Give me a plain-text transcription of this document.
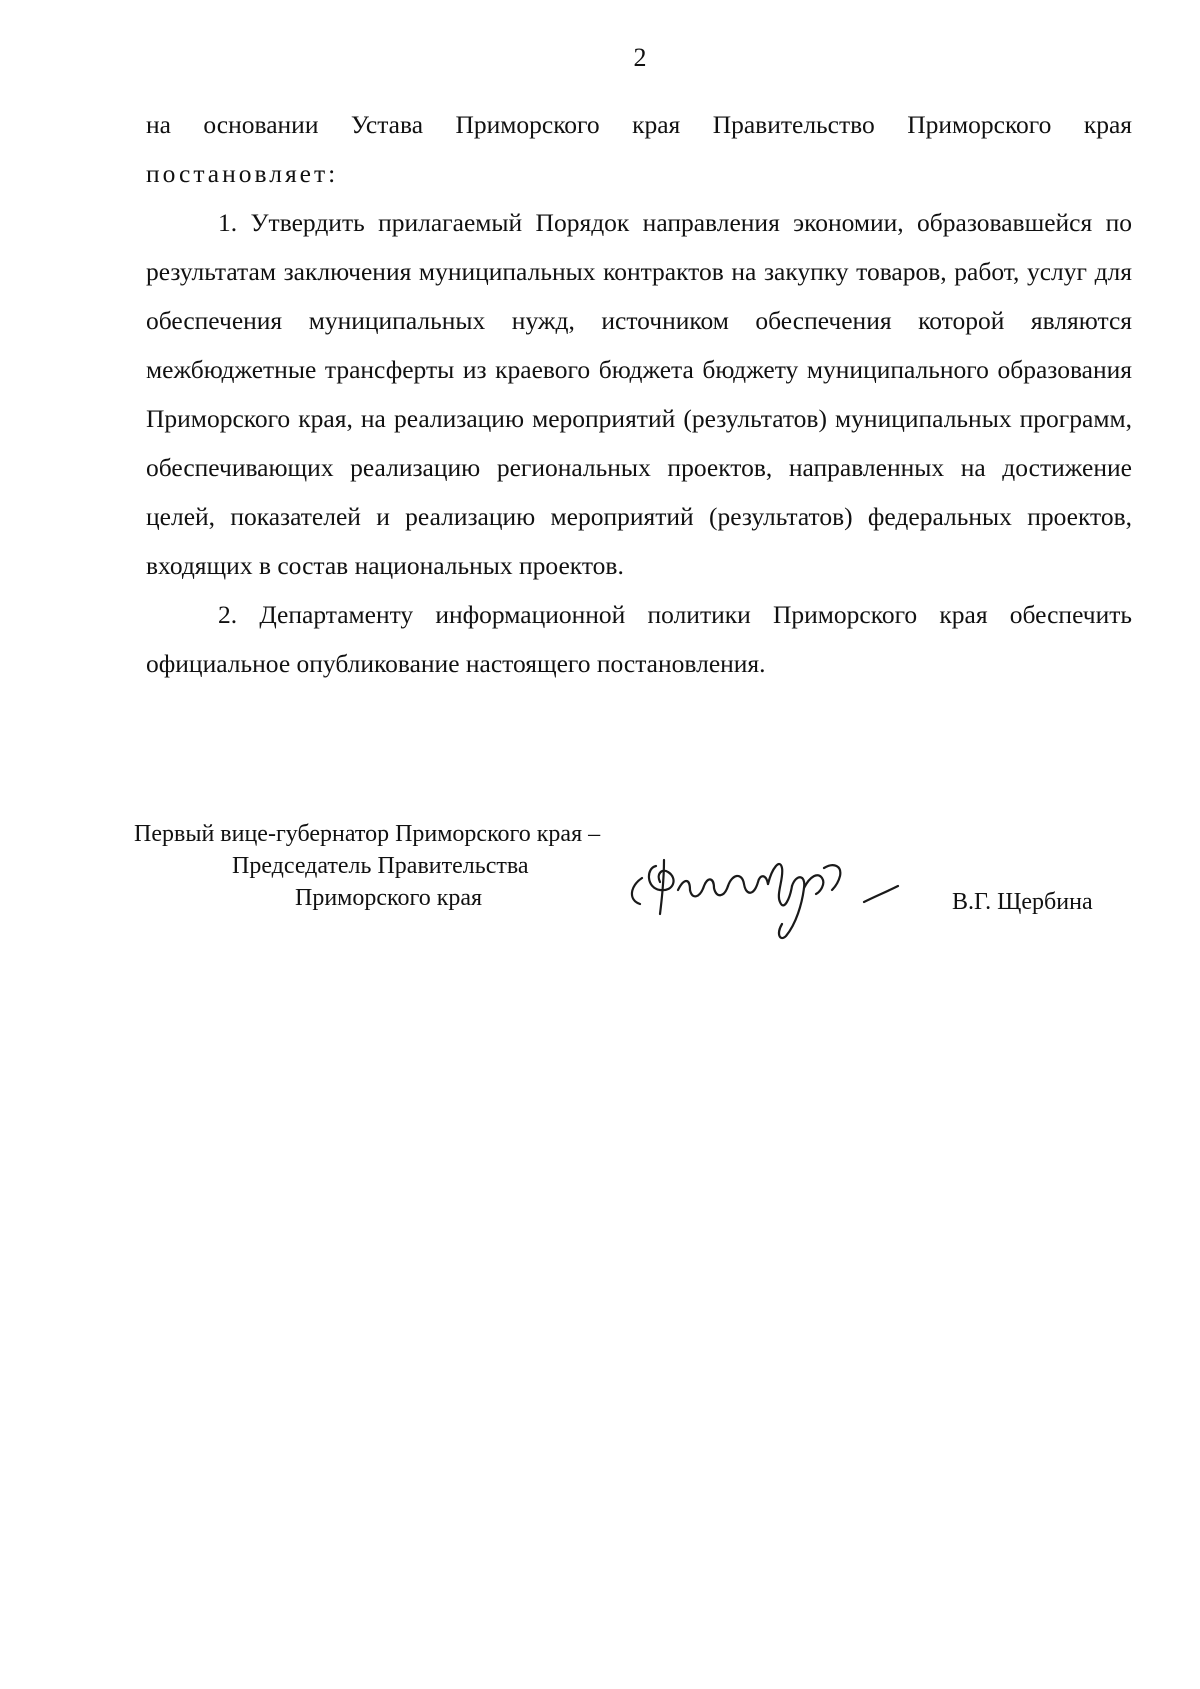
2

на основании Устава Приморского края Правительство Приморского края постановляет:

1. Утвердить прилагаемый Порядок направления экономии, образовавшейся по результатам заключения муниципальных контрактов на закупку товаров, работ, услуг для обеспечения муниципальных нужд, источником обеспечения которой являются межбюджетные трансферты из краевого бюджета бюджету муниципального образования Приморского края, на реализацию мероприятий (результатов) муниципальных программ, обеспечивающих реализацию региональных проектов, направленных на достижение целей, показателей и реализацию мероприятий (результатов) федеральных проектов, входящих в состав национальных проектов.

2. Департаменту информационной политики Приморского края обеспечить официальное опубликование настоящего постановления.

Первый вице-губернатор Приморского края –
Председатель Правительства
Приморского края	В.Г. Щербина
